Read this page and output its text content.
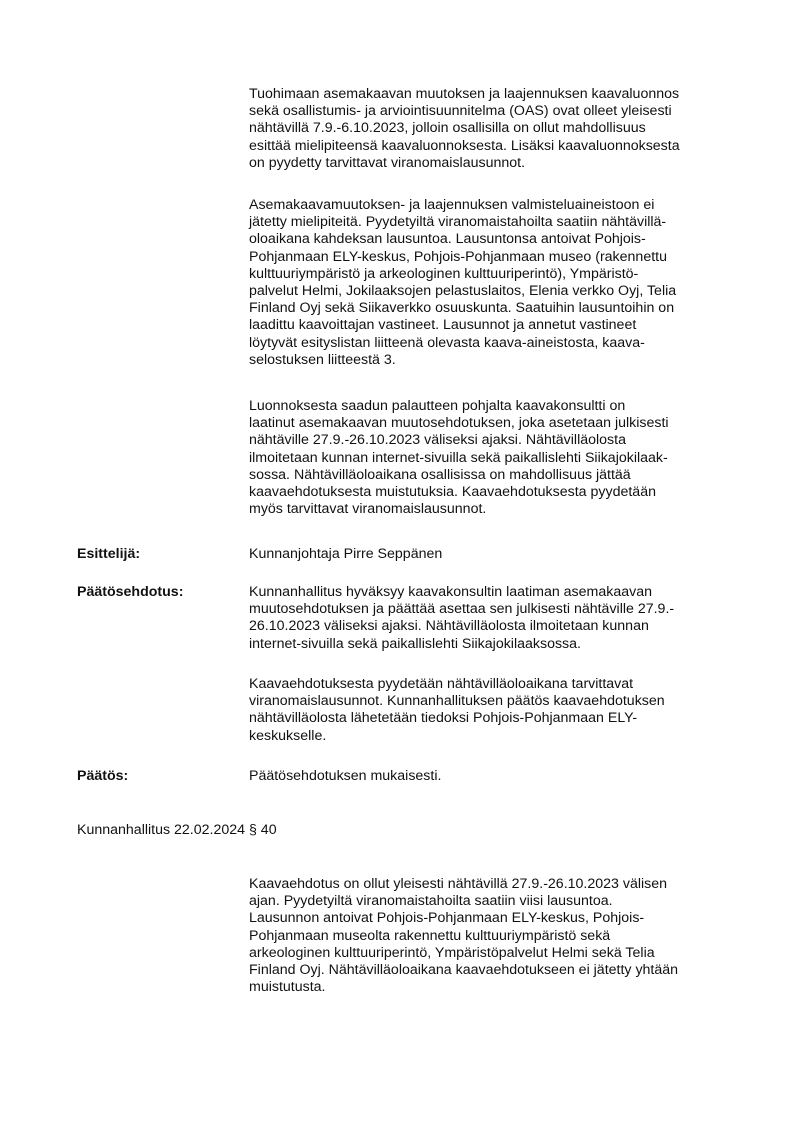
Tuohimaan asemakaavan muutoksen ja laajennuksen kaavaluonnos
sekä osallistumis- ja arviointisuunnitelma (OAS) ovat olleet yleisesti
nähtävillä 7.9.-6.10.2023, jolloin osallisilla on ollut mahdollisuus
esittää mielipiteensä kaavaluonnoksesta. Lisäksi kaavaluonnoksesta
on pyydetty tarvittavat viranomaislausunnot.

Asemakaavamuutoksen- ja laajennuksen valmisteluaineistoon ei
jätetty mielipiteitä. Pyydetyiltä viranomaistahoilta saatiin nähtävillä-
oloaikana kahdeksan lausuntoa. Lausuntonsa antoivat Pohjois-
Pohjanmaan ELY-keskus, Pohjois-Pohjanmaan museo (rakennettu
kulttuuriympäristö ja arkeologinen kulttuuriperintö), Ympäristö-
palvelut Helmi, Jokilaaksojen pelastuslaitos, Elenia verkko Oyj, Telia
Finland Oyj sekä Siikaverkko osuuskunta. Saatuihin lausuntoihin on
laadittu kaavoittajan vastineet. Lausunnot ja annetut vastineet
löytyvät esityslistan liitteenä olevasta kaava-aineistosta, kaava-
selostuksen liitteestä 3.

Luonnoksesta saadun palautteen pohjalta kaavakonsultti on
laatinut asemakaavan muutosehdotuksen, joka asetetaan julkisesti
nähtäville 27.9.-26.10.2023 väliseksi ajaksi. Nähtävilläolosta
ilmoitetaan kunnan internet-sivuilla sekä paikallislehti Siikajokilaak-
sossa. Nähtävilläoloaikana osallisissa on mahdollisuus jättää
kaavaehdotuksesta muistutuksia. Kaavaehdotuksesta pyydetään
myös tarvittavat viranomaislausunnot.

Esittelijä:	Kunnanjohtaja Pirre Seppänen

Päätösehdotus:	Kunnanhallitus hyväksyy kaavakonsultin laatiman asemakaavan
muutosehdotuksen ja päättää asettaa sen julkisesti nähtäville 27.9.-
26.10.2023 väliseksi ajaksi. Nähtävilläolosta ilmoitetaan kunnan
internet-sivuilla sekä paikallislehti Siikajokilaaksossa.

Kaavaehdotuksesta pyydetään nähtävilläoloaikana tarvittavat
viranomaislausunnot. Kunnanhallituksen päätös kaavaehdotuksen
nähtävilläolosta lähetetään tiedoksi Pohjois-Pohjanmaan ELY-
keskukselle.

Päätös:	Päätösehdotuksen mukaisesti.

Kunnanhallitus 22.02.2024 § 40

Kaavaehdotus on ollut yleisesti nähtävillä 27.9.-26.10.2023 välisen
ajan. Pyydetyiltä viranomaistahoilta saatiin viisi lausuntoa.
Lausunnon antoivat Pohjois-Pohjanmaan ELY-keskus, Pohjois-
Pohjanmaan museolta rakennettu kulttuuriympäristö sekä
arkeologinen kulttuuriperintö, Ympäristöpalvelut Helmi sekä Telia
Finland Oyj. Nähtävilläoloaikana kaavaehdotukseen ei jätetty yhtään
muistutusta.
